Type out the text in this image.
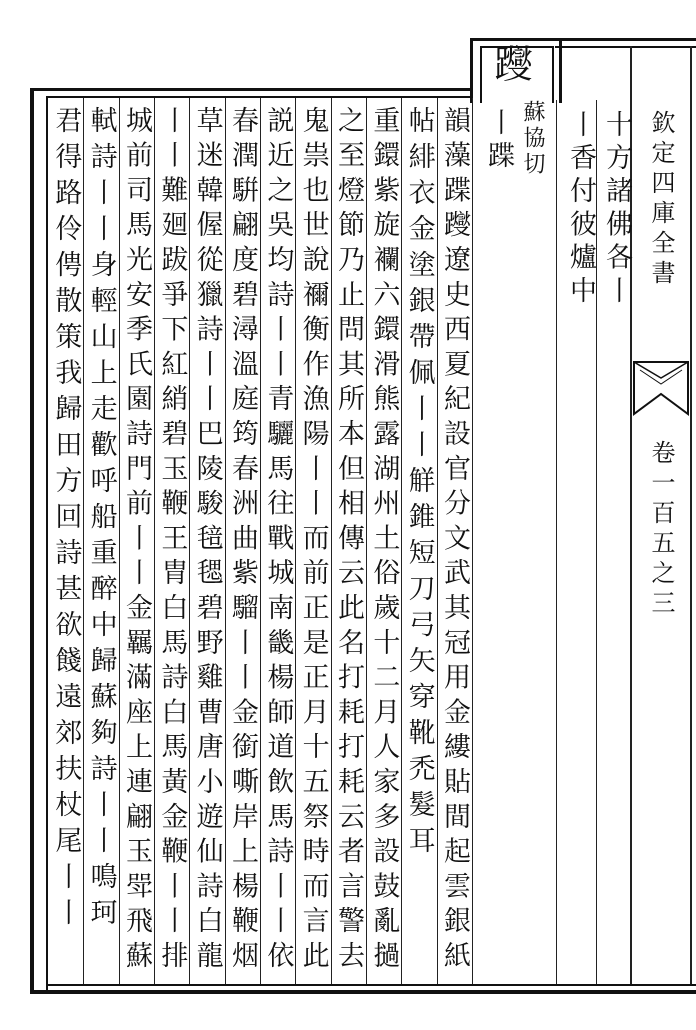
欽定四庫全書
卷一百五之三
躞
蘇協切
丨蹀 丨香付彼爐中 十方諸佛各丨
韻藻蹀躞遼史西夏紀設官分文武其冠用金縷貼間起雲銀紙
帖緋衣金塗銀帶佩丨丨觧錐短刀弓矢穿靴禿髮耳
重鐶紫旋襴六鐶滑熊露湖州土俗歲十二月人家多設鼓亂撾
之至燈節乃止問其所本但相傳云此名打耗打耗云者言警去
鬼祟也世說禰衡作漁陽丨丨而前正是正月十五祭時而言此
説近之吳均詩丨丨青驪馬往戰城南畿楊師道飲馬詩丨丨依
春潤騈翩度碧潯溫庭筠春洲曲紫騮丨丨金銜嘶岸上楊鞭烟
草迷韓偓從獵詩丨丨巴陵駿毰毸碧野雞曹唐小遊仙詩白龍
丨丨難廻跋爭下紅綃碧玉鞭王胄白馬詩白馬黃金鞭丨丨排
城前司馬光安季氏園詩門前丨丨金羈滿座上連翩玉斝飛蘇
軾詩丨丨身輕山上走歡呼船重醉中歸蘇夠詩丨丨鳴珂
君得路伶俜散策我歸田方回詩甚欲餞遠郊扶杖尾丨丨
